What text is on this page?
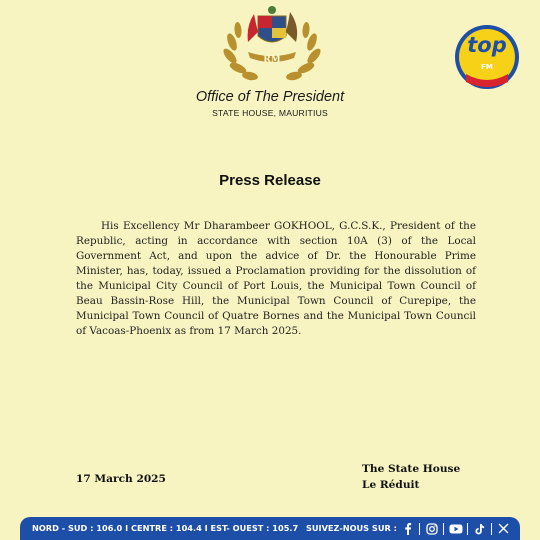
RM
top
FM
Office of The President
STATE HOUSE, MAURITIUS
Press Release

His Excellency Mr Dharambeer GOKHOOL, G.C.S.K., President of the Republic, acting in accordance with section 10A (3) of the Local Government Act, and upon the advice of Dr. the Honourable Prime Minister, has, today, issued a Proclamation providing for the dissolution of the Municipal City Council of Port Louis, the Municipal Town Council of Beau Bassin-Rose Hill, the Municipal Town Council of Curepipe, the Municipal Town Council of Quatre Bornes and the Municipal Town Council of Vacoas-Phoenix as from 17 March 2025.

17 March 2025
The State House
Le Réduit
NORD - SUD : 106.0 I CENTRE : 104.4 I EST- OUEST : 105.7 SUIVEZ-NOUS SUR :
